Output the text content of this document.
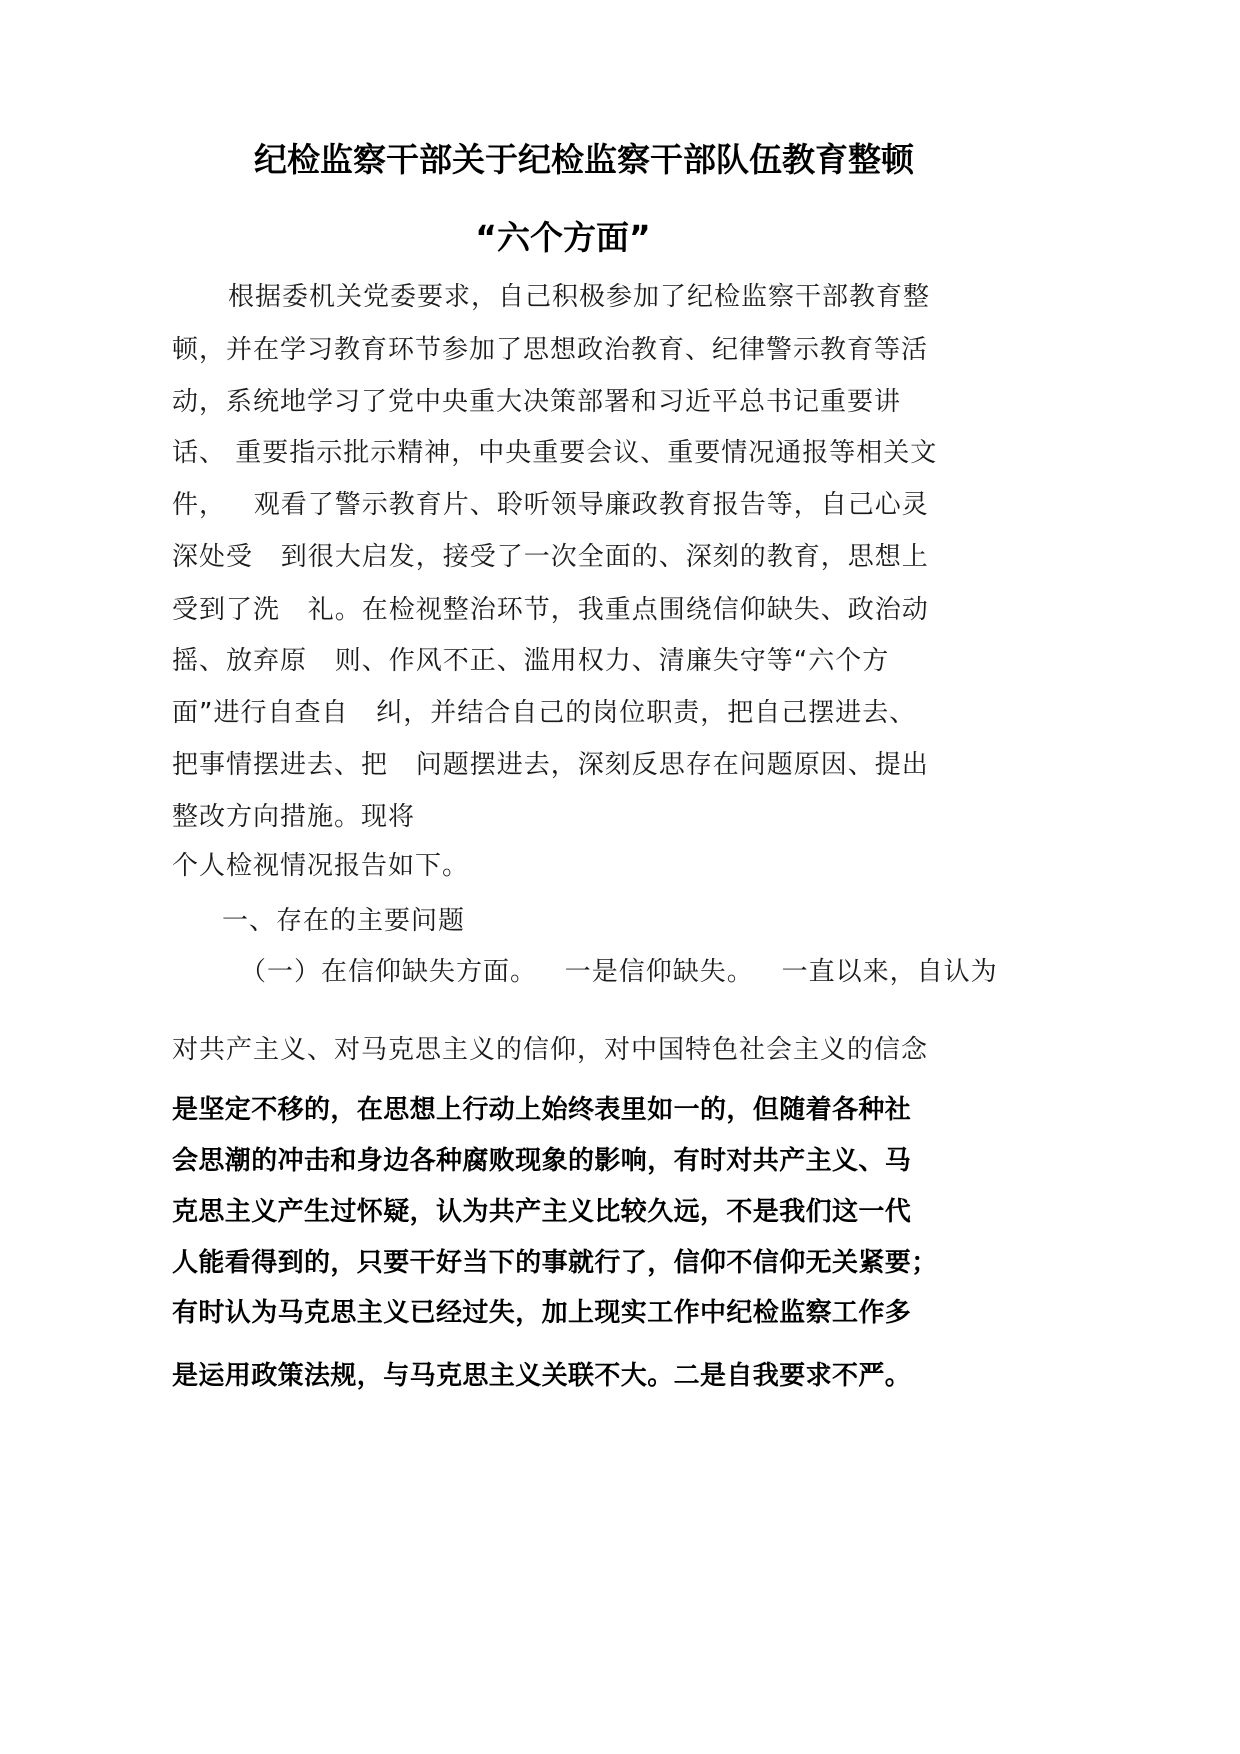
纪检监察干部关于纪检监察干部队伍教育整顿
“六个方面”
根据委机关党委要求，自己积极参加了纪检监察干部教育整
顿，并在学习教育环节参加了思想政治教育、纪律警示教育等活
动，系统地学习了党中央重大决策部署和习近平总书记重要讲
话、 重要指示批示精神，中央重要会议、重要情况通报等相关文
件，   观看了警示教育片、聆听领导廉政教育报告等，自己心灵
深处受   到很大启发，接受了一次全面的、深刻的教育，思想上
受到了洗   礼。在检视整治环节，我重点围绕信仰缺失、政治动
摇、放弃原   则、作风不正、滥用权力、清廉失守等“六个方
面”进行自查自   纠，并结合自己的岗位职责，把自己摆进去、
把事情摆进去、把   问题摆进去，深刻反思存在问题原因、提出
整改方向措施。现将
个人检视情况报告如下。
一、存在的主要问题
（一）在信仰缺失方面。   一是信仰缺失。   一直以来，自认为
对共产主义、对马克思主义的信仰，对中国特色社会主义的信念
是坚定不移的，在思想上行动上始终表里如一的，但随着各种社
会思潮的冲击和身边各种腐败现象的影响，有时对共产主义、马
克思主义产生过怀疑，认为共产主义比较久远，不是我们这一代
人能看得到的，只要干好当下的事就行了，信仰不信仰无关紧要；
有时认为马克思主义已经过失，加上现实工作中纪检监察工作多
是运用政策法规，与马克思主义关联不大。二是自我要求不严。
